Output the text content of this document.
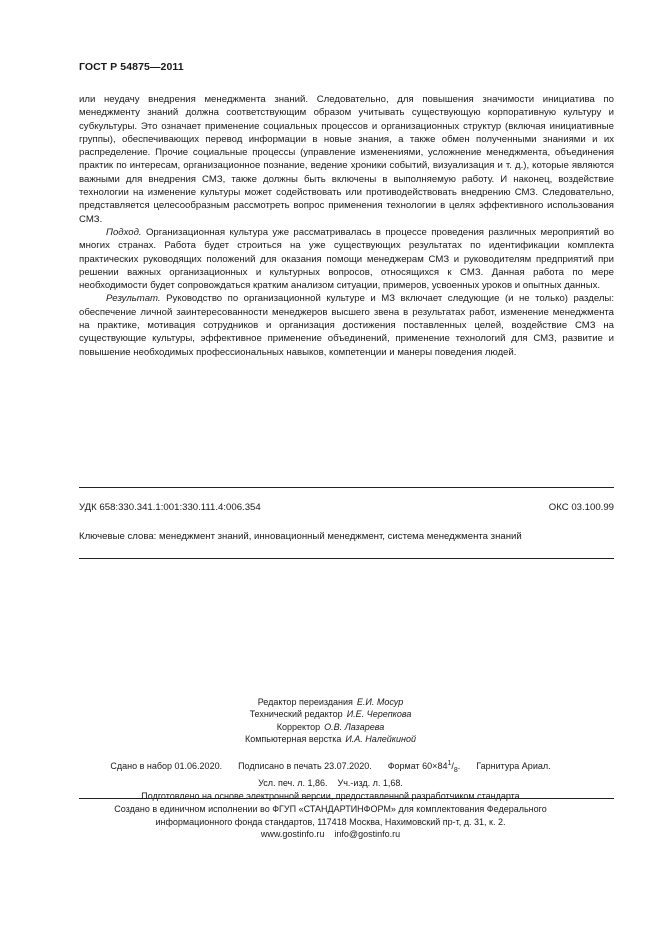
ГОСТ Р 54875—2011

или неудачу внедрения менеджмента знаний. Следовательно, для повышения значимости инициатива по менеджменту знаний должна соответствующим образом учитывать существующую корпоративную культуру и субкультуры. Это означает применение социальных процессов и организационных структур (включая инициативные группы), обеспечивающих перевод информации в новые знания, а также обмен полученными знаниями и их распределение. Прочие социальные процессы (управление изменениями, усложнение менеджмента, объединения практик по интересам, организационное познание, ведение хроники событий, визуализация и т. д.), которые являются важными для внедрения СМЗ, также должны быть включены в выполняемую работу. И наконец, воздействие технологии на изменение культуры может содействовать или противодействовать внедрению СМЗ. Следовательно, представляется целесообразным рассмотреть вопрос применения технологии в целях эффективного использования СМЗ.

Подход. Организационная культура уже рассматривалась в процессе проведения различных мероприятий во многих странах. Работа будет строиться на уже существующих результатах по идентификации комплекта практических руководящих положений для оказания помощи менеджерам СМЗ и руководителям предприятий при решении важных организационных и культурных вопросов, относящихся к СМЗ. Данная работа по мере необходимости будет сопровождаться кратким анализом ситуации, примеров, усвоенных уроков и опытных данных.

Результат. Руководство по организационной культуре и МЗ включает следующие (и не только) разделы: обеспечение личной заинтересованности менеджеров высшего звена в результатах работ, изменение менеджмента на практике, мотивация сотрудников и организация достижения поставленных целей, воздействие СМЗ на существующие культуры, эффективное применение объединений, применение технологий для СМЗ, развитие и повышение необходимых профессиональных навыков, компетенции и манеры поведения людей.

УДК 658:330.341.1:001:330.111.4:006.354	ОКС 03.100.99
Ключевые слова: менеджмент знаний, инновационный менеджмент, система менеджмента знаний
Редактор переиздания Е.И. Мосур
Технический редактор И.Е. Черепкова
Корректор О.В. Лазарева
Компьютерная верстка И.А. Налейкиной
Сдано в набор 01.06.2020. Подписано в печать 23.07.2020. Формат $60\times 84^1/_8$. Гарнитура Ариал.
Усл. печ. л. 1,86. Уч.-изд. л. 1,68.
Подготовлено на основе электронной версии, предоставленной разработчиком стандарта
Создано в единичном исполнении во ФГУП «СТАНДАРТИНФОРМ» для комплектования Федерального
информационного фонда стандартов, 117418 Москва, Нахимовский пр-т, д. 31, к. 2.
www.gostinfo.ru info@gostinfo.ru
